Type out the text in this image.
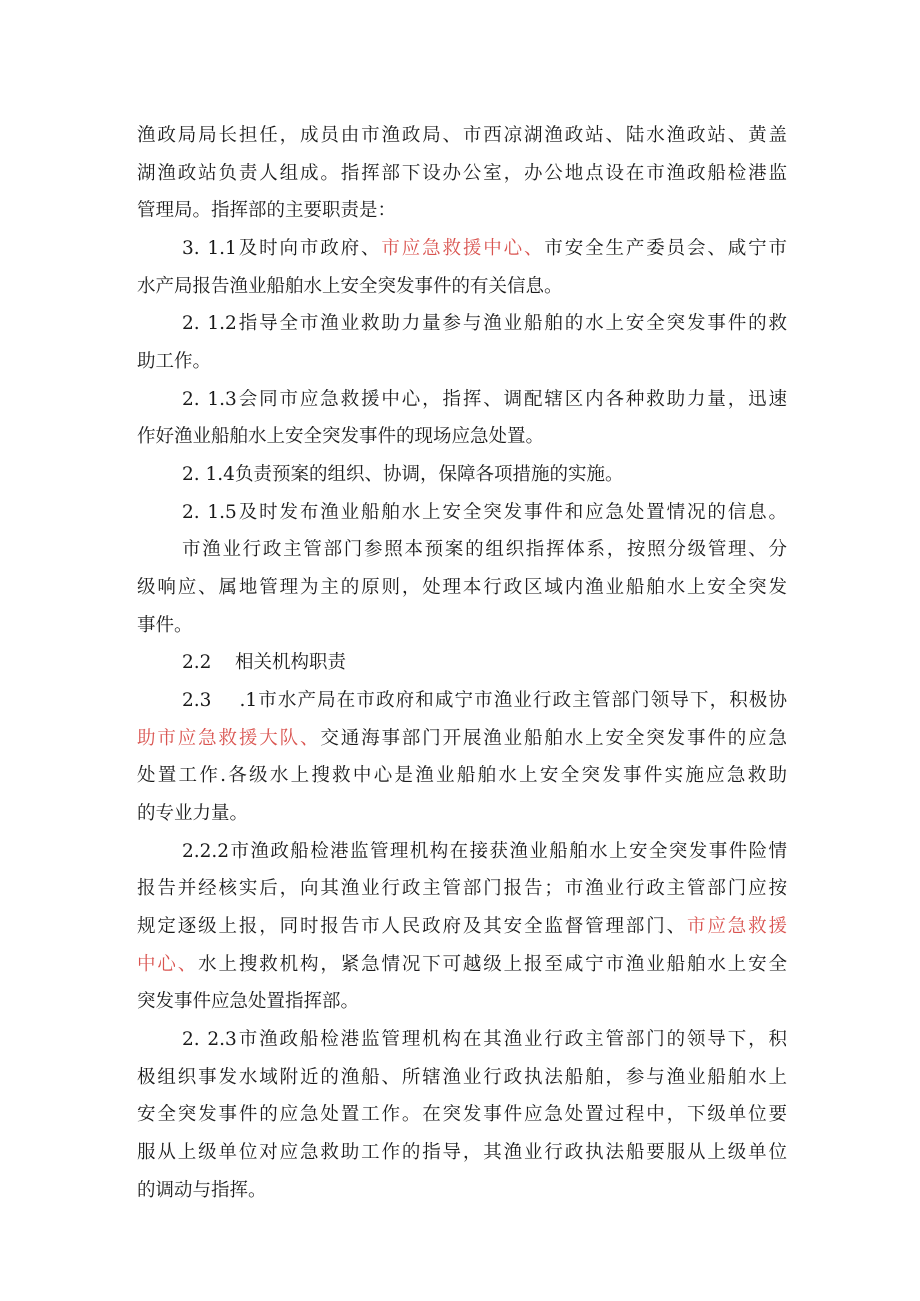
渔政局局长担任，成员由市渔政局、市西凉湖渔政站、陆水渔政站、黄盖
湖渔政站负责人组成。指挥部下设办公室，办公地点设在市渔政船检港监
管理局。指挥部的主要职责是：
3. 1.1及时向市政府、市应急救援中心、市安全生产委员会、咸宁市
水产局报告渔业船舶水上安全突发事件的有关信息。
2. 1.2指导全市渔业救助力量参与渔业船舶的水上安全突发事件的救
助工作。
2. 1.3会同市应急救援中心，指挥、调配辖区内各种救助力量，迅速
作好渔业船舶水上安全突发事件的现场应急处置。
2. 1.4负责预案的组织、协调，保障各项措施的实施。
2. 1.5及时发布渔业船舶水上安全突发事件和应急处置情况的信息。
市渔业行政主管部门参照本预案的组织指挥体系，按照分级管理、分
级响应、属地管理为主的原则，处理本行政区域内渔业船舶水上安全突发
事件。
2.2    相关机构职责
2.3    .1市水产局在市政府和咸宁市渔业行政主管部门领导下，积极协
助市应急救援大队、交通海事部门开展渔业船舶水上安全突发事件的应急
处置工作.各级水上搜救中心是渔业船舶水上安全突发事件实施应急救助
的专业力量。
2.2.2市渔政船检港监管理机构在接获渔业船舶水上安全突发事件险情
报告并经核实后，向其渔业行政主管部门报告；市渔业行政主管部门应按
规定逐级上报，同时报告市人民政府及其安全监督管理部门、市应急救援
中心、水上搜救机构，紧急情况下可越级上报至咸宁市渔业船舶水上安全
突发事件应急处置指挥部。
2. 2.3市渔政船检港监管理机构在其渔业行政主管部门的领导下，积
极组织事发水域附近的渔船、所辖渔业行政执法船舶，参与渔业船舶水上
安全突发事件的应急处置工作。在突发事件应急处置过程中，下级单位要
服从上级单位对应急救助工作的指导，其渔业行政执法船要服从上级单位
的调动与指挥。
